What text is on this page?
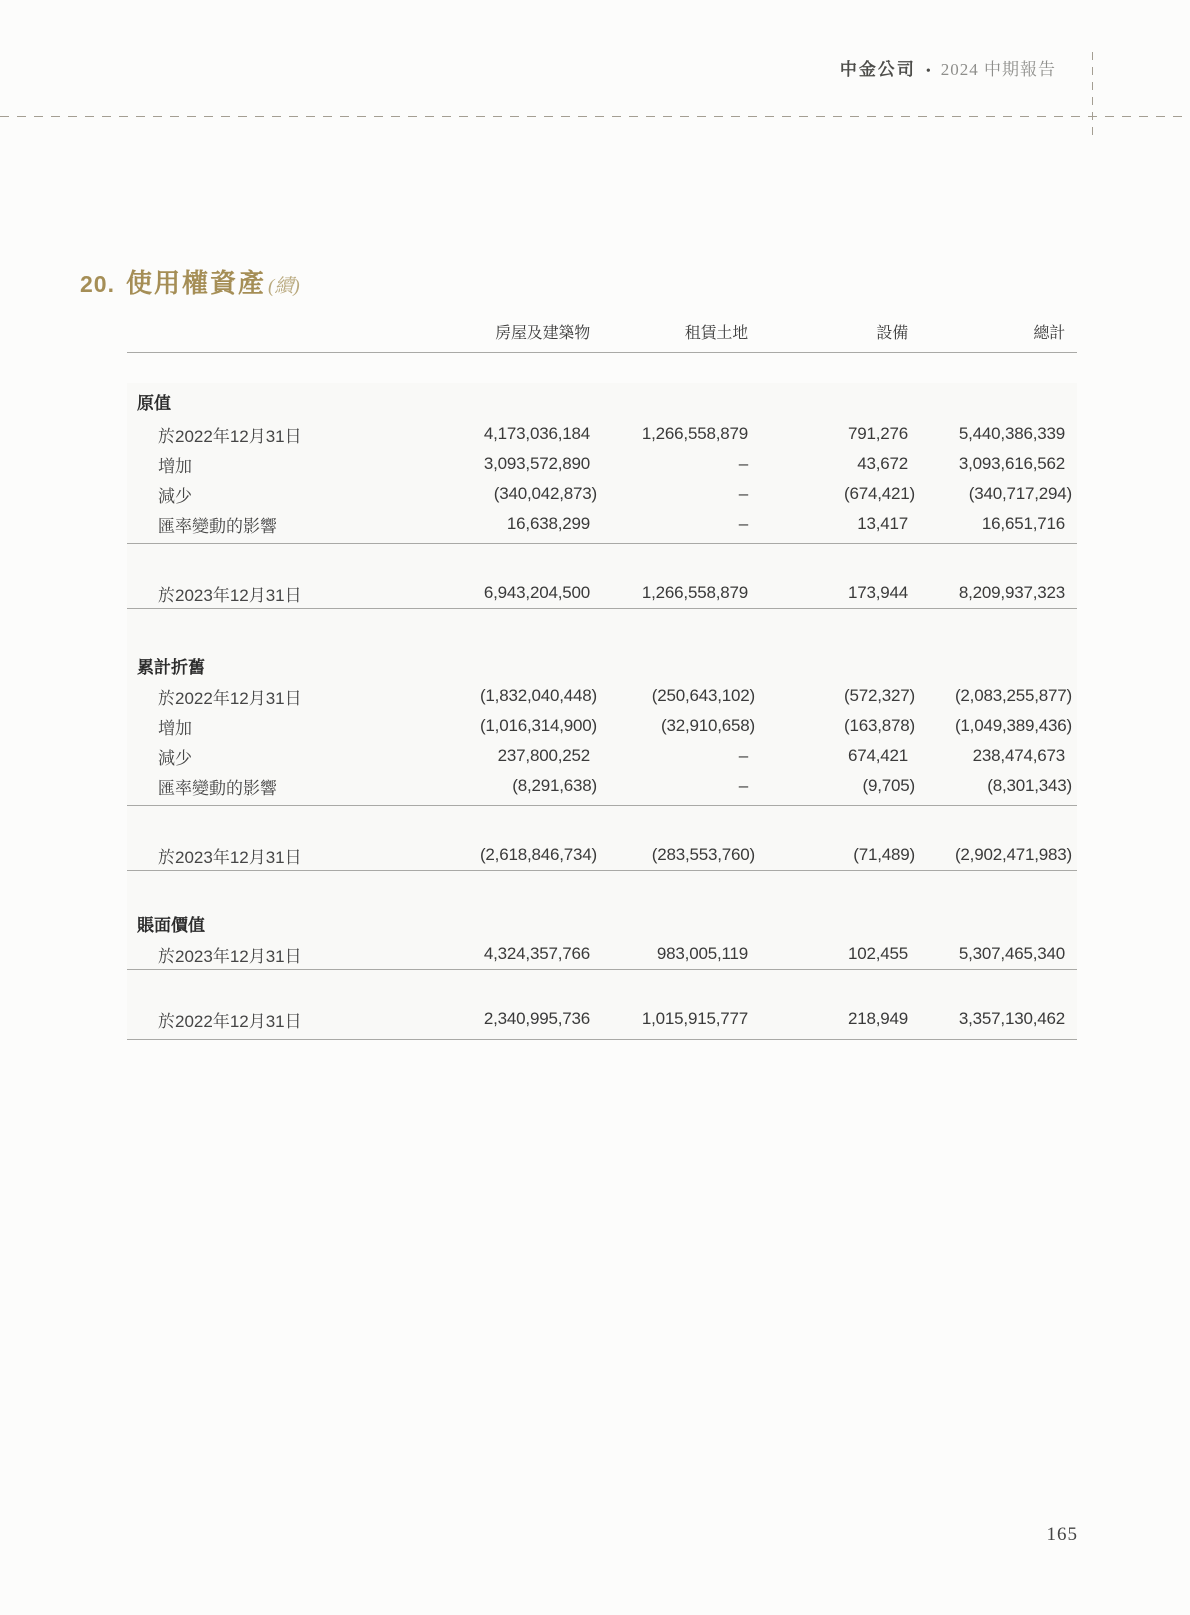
中金公司 • 2024 中期報告
20. 使用權資產 (續)
房屋及建築物	租賃土地	設備	總計
原值
於2022年12月31日	4,173,036,184	1,266,558,879	791,276	5,440,386,339
增加	3,093,572,890	–	43,672	3,093,616,562
減少	(340,042,873)	–	(674,421)	(340,717,294)
匯率變動的影響	16,638,299	–	13,417	16,651,716
於2023年12月31日	6,943,204,500	1,266,558,879	173,944	8,209,937,323
累計折舊
於2022年12月31日	(1,832,040,448)	(250,643,102)	(572,327)	(2,083,255,877)
增加	(1,016,314,900)	(32,910,658)	(163,878)	(1,049,389,436)
減少	237,800,252	–	674,421	238,474,673
匯率變動的影響	(8,291,638)	–	(9,705)	(8,301,343)
於2023年12月31日	(2,618,846,734)	(283,553,760)	(71,489)	(2,902,471,983)
賬面價值
於2023年12月31日	4,324,357,766	983,005,119	102,455	5,307,465,340
於2022年12月31日	2,340,995,736	1,015,915,777	218,949	3,357,130,462
165
